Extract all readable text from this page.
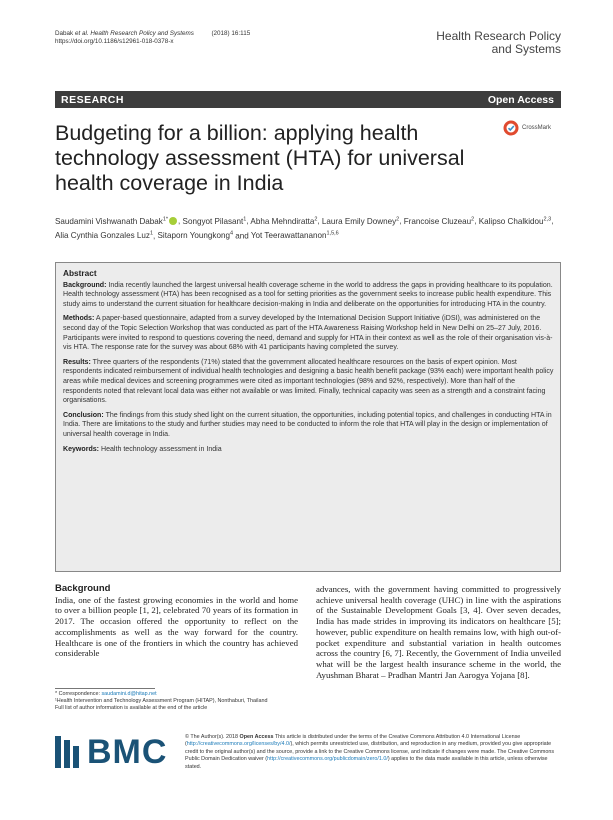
Dabak et al. Health Research Policy and Systems	(2018) 16:115
https://doi.org/10.1186/s12961-018-0378-x	Health Research Policy
and Systems
RESEARCH	Open Access
Budgeting for a billion: applying health technology assessment (HTA) for universal health coverage in India
CrossMark
Saudamini Vishwanath Dabak$^{1*}$ , Songyot Pilasant$^1$, Abha Mehndiratta$^2$, Laura Emily Downey$^2$, Francoise Cluzeau$^2$, Kalipso Chalkidou$^{2,3}$, Alia Cynthia Gonzales Luz$^1$, Sitaporn Youngkong$^4$ and Yot Teerawattananon$^{1,5,6}$
Abstract

Background: India recently launched the largest universal health coverage scheme in the world to address the gaps in providing healthcare to its population. Health technology assessment (HTA) has been recognised as a tool for setting priorities as the government seeks to increase public health expenditure. This study aims to understand the current situation for healthcare decision-making in India and deliberate on the opportunities for introducing HTA in the country.

Methods: A paper-based questionnaire, adapted from a survey developed by the International Decision Support Initiative (iDSI), was administered on the second day of the Topic Selection Workshop that was conducted as part of the HTA Awareness Raising Workshop held in New Delhi on 25–27 July, 2016. Participants were invited to respond to questions covering the need, demand and supply for HTA in their context as well as the role of their organisation vis-à-vis HTA. The response rate for the survey was about 68% with 41 participants having completed the survey.

Results: Three quarters of the respondents (71%) stated that the government allocated healthcare resources on the basis of expert opinion. Most respondents indicated reimbursement of individual health technologies and designing a basic health benefit package (93% each) were important health policy areas while medical devices and screening programmes were cited as important technologies (98% and 92%, respectively). More than half of the respondents noted that relevant local data was either not available or was limited. Finally, technical capacity was seen as a strength and a constraint facing organisations.

Conclusion: The findings from this study shed light on the current situation, the opportunities, including potential topics, and challenges in conducting HTA in India. There are limitations to the study and further studies may need to be conducted to inform the role that HTA will play in the design or implementation of universal health coverage in India.

Keywords: Health technology assessment in India

Background

India, one of the fastest growing economies in the world and home to over a billion people [1, 2], celebrated 70 years of its formation in 2017. The occasion offered the opportunity to reflect on the accomplishments as well as the way forward for the country. Healthcare is one of the frontiers in which the country has achieved considerable

advances, with the government having committed to progressively achieve universal health coverage (UHC) in line with the aspirations of the Sustainable Development Goals [3, 4]. Over seven decades, India has made strides in improving its indicators on healthcare [5]; however, public expenditure on health remains low, with high out-of-pocket expenditure and substantial variation in health outcomes across the country [6, 7]. Recently, the Government of India unveiled what will be the largest health insurance scheme in the world, the Ayushman Bharat – Pradhan Mantri Jan Aarogya Yojana [8].

* Correspondence: saudamini.d@hitap.net
¹Health Intervention and Technology Assessment Program (HITAP), Nonthaburi, Thailand
Full list of author information is available at the end of the article
BMC	© The Author(s). 2018 Open Access This article is distributed under the terms of the Creative Commons Attribution 4.0 International License (http://creativecommons.org/licenses/by/4.0/), which permits unrestricted use, distribution, and reproduction in any medium, provided you give appropriate credit to the original author(s) and the source, provide a link to the Creative Commons license, and indicate if changes were made. The Creative Commons Public Domain Dedication waiver (http://creativecommons.org/publicdomain/zero/1.0/) applies to the data made available in this article, unless otherwise stated.
